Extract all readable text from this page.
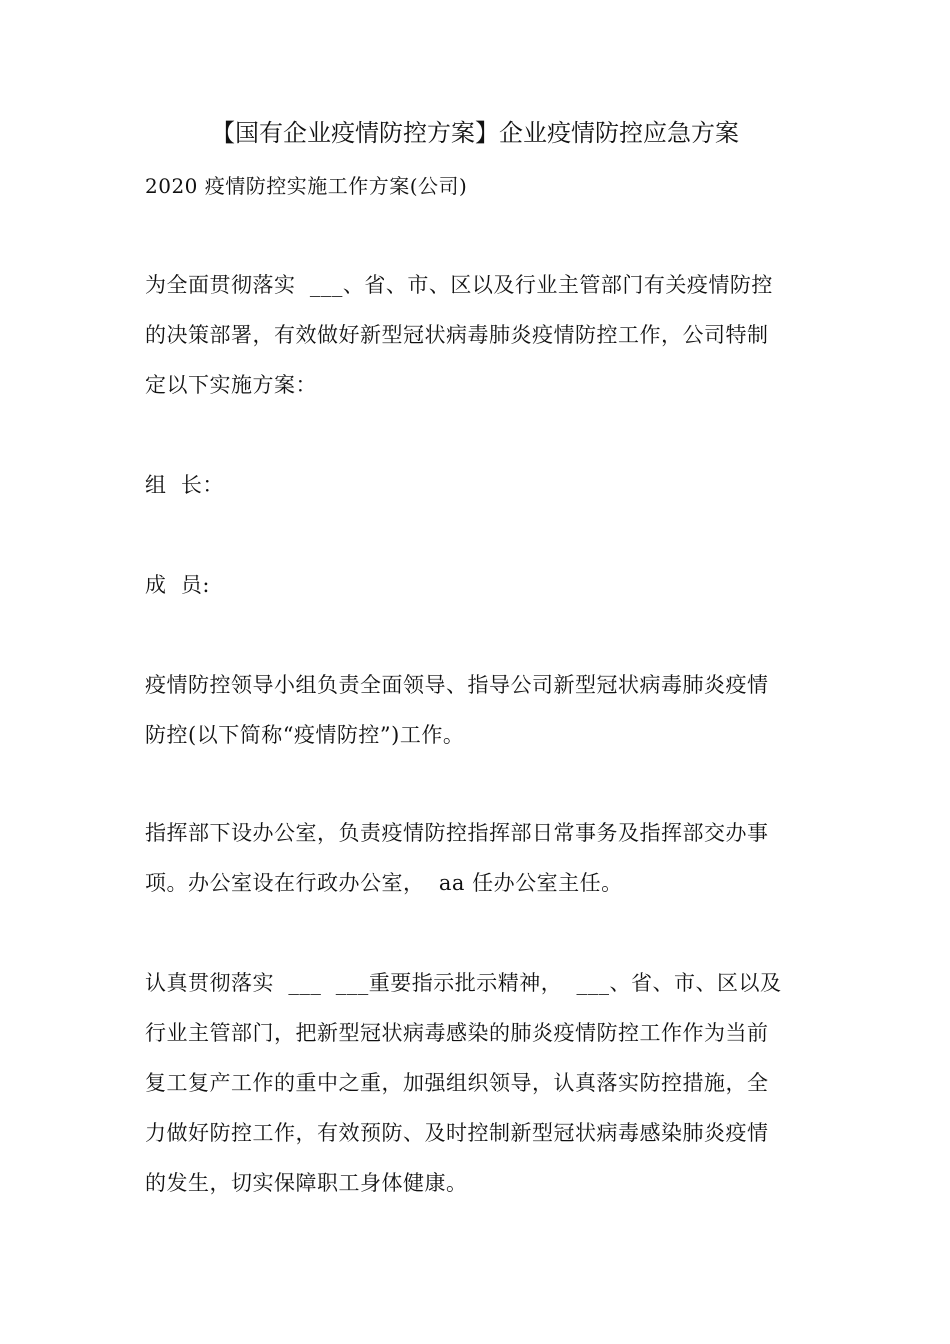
【国有企业疫情防控方案】企业疫情防控应急方案

2020 疫情防控实施工作方案(公司)

为全面贯彻落实  ___、省、市、区以及行业主管部门有关疫情防控

的决策部署，有效做好新型冠状病毒肺炎疫情防控工作，公司特制

定以下实施方案：

组  长：

成  员:

疫情防控领导小组负责全面领导、指导公司新型冠状病毒肺炎疫情

防控(以下简称“疫情防控”)工作。

指挥部下设办公室，负责疫情防控指挥部日常事务及指挥部交办事

项。办公室设在行政办公室，  aa 任办公室主任。

认真贯彻落实  ___  ___重要指示批示精神，  ___、省、市、区以及

行业主管部门，把新型冠状病毒感染的肺炎疫情防控工作作为当前

复工复产工作的重中之重，加强组织领导，认真落实防控措施，全

力做好防控工作，有效预防、及时控制新型冠状病毒感染肺炎疫情

的发生，切实保障职工身体健康。
